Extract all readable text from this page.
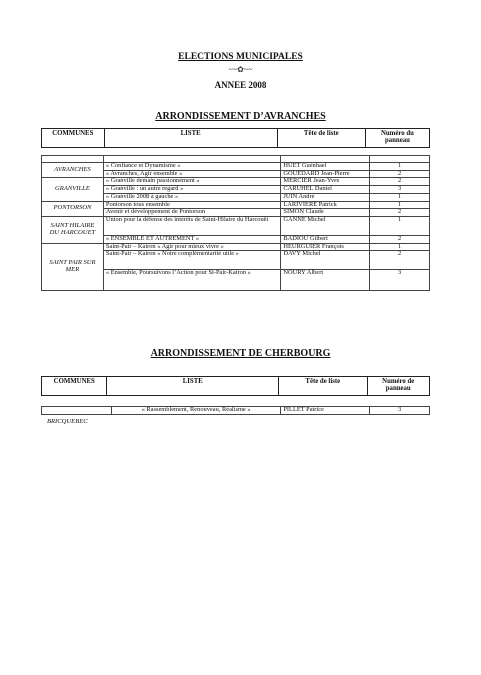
ELECTIONS MUNICIPALES
~~✿~~
ANNEE 2008
ARRONDISSEMENT D’AVRANCHES
COMMUNES	LISTE	Tête de liste	Numéro du panneau

AVRANCHES	« Confiance et Dynamisme »	HUET Guénhael	1
	« Avranches, Agir ensemble »	GOUEDARD Jean-Pierre	2
GRANVILLE	« Granville demain passionnément »	MERCIER Jean-Yves	2
	« Granville : un autre regard »	CARUHEL Daniel	3
	« Granville 2008 à gauche »	JUIN André	1
PONTORSON	Pontorson tous ensemble	LARIVIERE Patrick	1
	Avenir et développement de Pontorson	SIMON Claude	2
SAINT HILAIRE DU HARCOUET	Union pour la défense des intérêts de Saint-Hilaire du Harcouët	GANNE Michel	1
	« ENSEMBLE ET AUTREMENT »	BADIOU Gilbert	2
SAINT PAIR SUR MER	Saint-Pair – Kairon « Agir pour mieux vivre »	HEURGUIER François	1
	Saint-Pair – Kairon « Notre complémentarité utile »	DAVY Michel	2
	« Ensemble, Poursuivons l’Action pour St-Pair-Kairon »	NOURY Albert	3
ARRONDISSEMENT DE CHERBOURG
COMMUNES	LISTE	Tête de liste	Numéro de panneau
	« Rassemblement, Renouveau, Réalisme »	PILLET Patrice	3
BRICQUEBEC
